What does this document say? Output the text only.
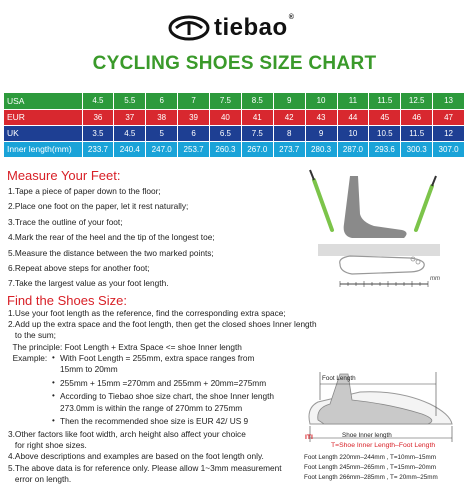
tiebao®
CYCLING SHOES SIZE CHART
USA	4.5	5.5	6	7	7.5	8.5	9	10	11	11.5	12.5	13
EUR	36	37	38	39	40	41	42	43	44	45	46	47
UK	3.5	4.5	5	6	6.5	7.5	8	9	10	10.5	11.5	12
Inner length(mm)	233.7	240.4	247.0	253.7	260.3	267.0	273.7	280.3	287.0	293.6	300.3	307.0
Measure Your Feet:
1.Tape a piece of paper down to the floor;
2.Place one foot on the paper, let it rest naturally;
3.Trace the outline of your foot;
4.Mark the rear of the heel and the tip of the longest toe;
5.Measure the distance between the two marked points;
6.Repeat above steps for another foot;
7.Take the largest value as your foot length.	mm
Find the Shoes Size:
1.Use your foot length as the reference, find the corresponding extra space;
2.Add up the extra space and the foot length, then get the closed shoes Inner length
to the sum;
The principle: Foot Length + Extra Space <= shoe Inner length
Example: • With Foot Length = 255mm, extra space ranges from
15mm to 20mm
• 255mm + 15mm =270mm and 255mm + 20mm=275mm
• According to Tiebao shoe size chart, the shoe Inner length
273.0mm is within the range of 270mm to 275mm
• Then the recommended shoe size is EUR 42/ US 9
3.Other factors like foot width, arch height also affect your choice
for right shoe sizes.
4.Above descriptions and examples are based on the foot length only.
5.The above data is for reference only. Please allow 1~3mm measurement
error on length.
Foot Length
Shoe Inner length
ITI
T=Shoe Inner Length–Foot Length
Foot Length 220mm–244mm , T=10mm–15mm
Foot Length 245mm–265mm , T=15mm–20mm
Foot Length 266mm–285mm , T= 20mm–25mm
